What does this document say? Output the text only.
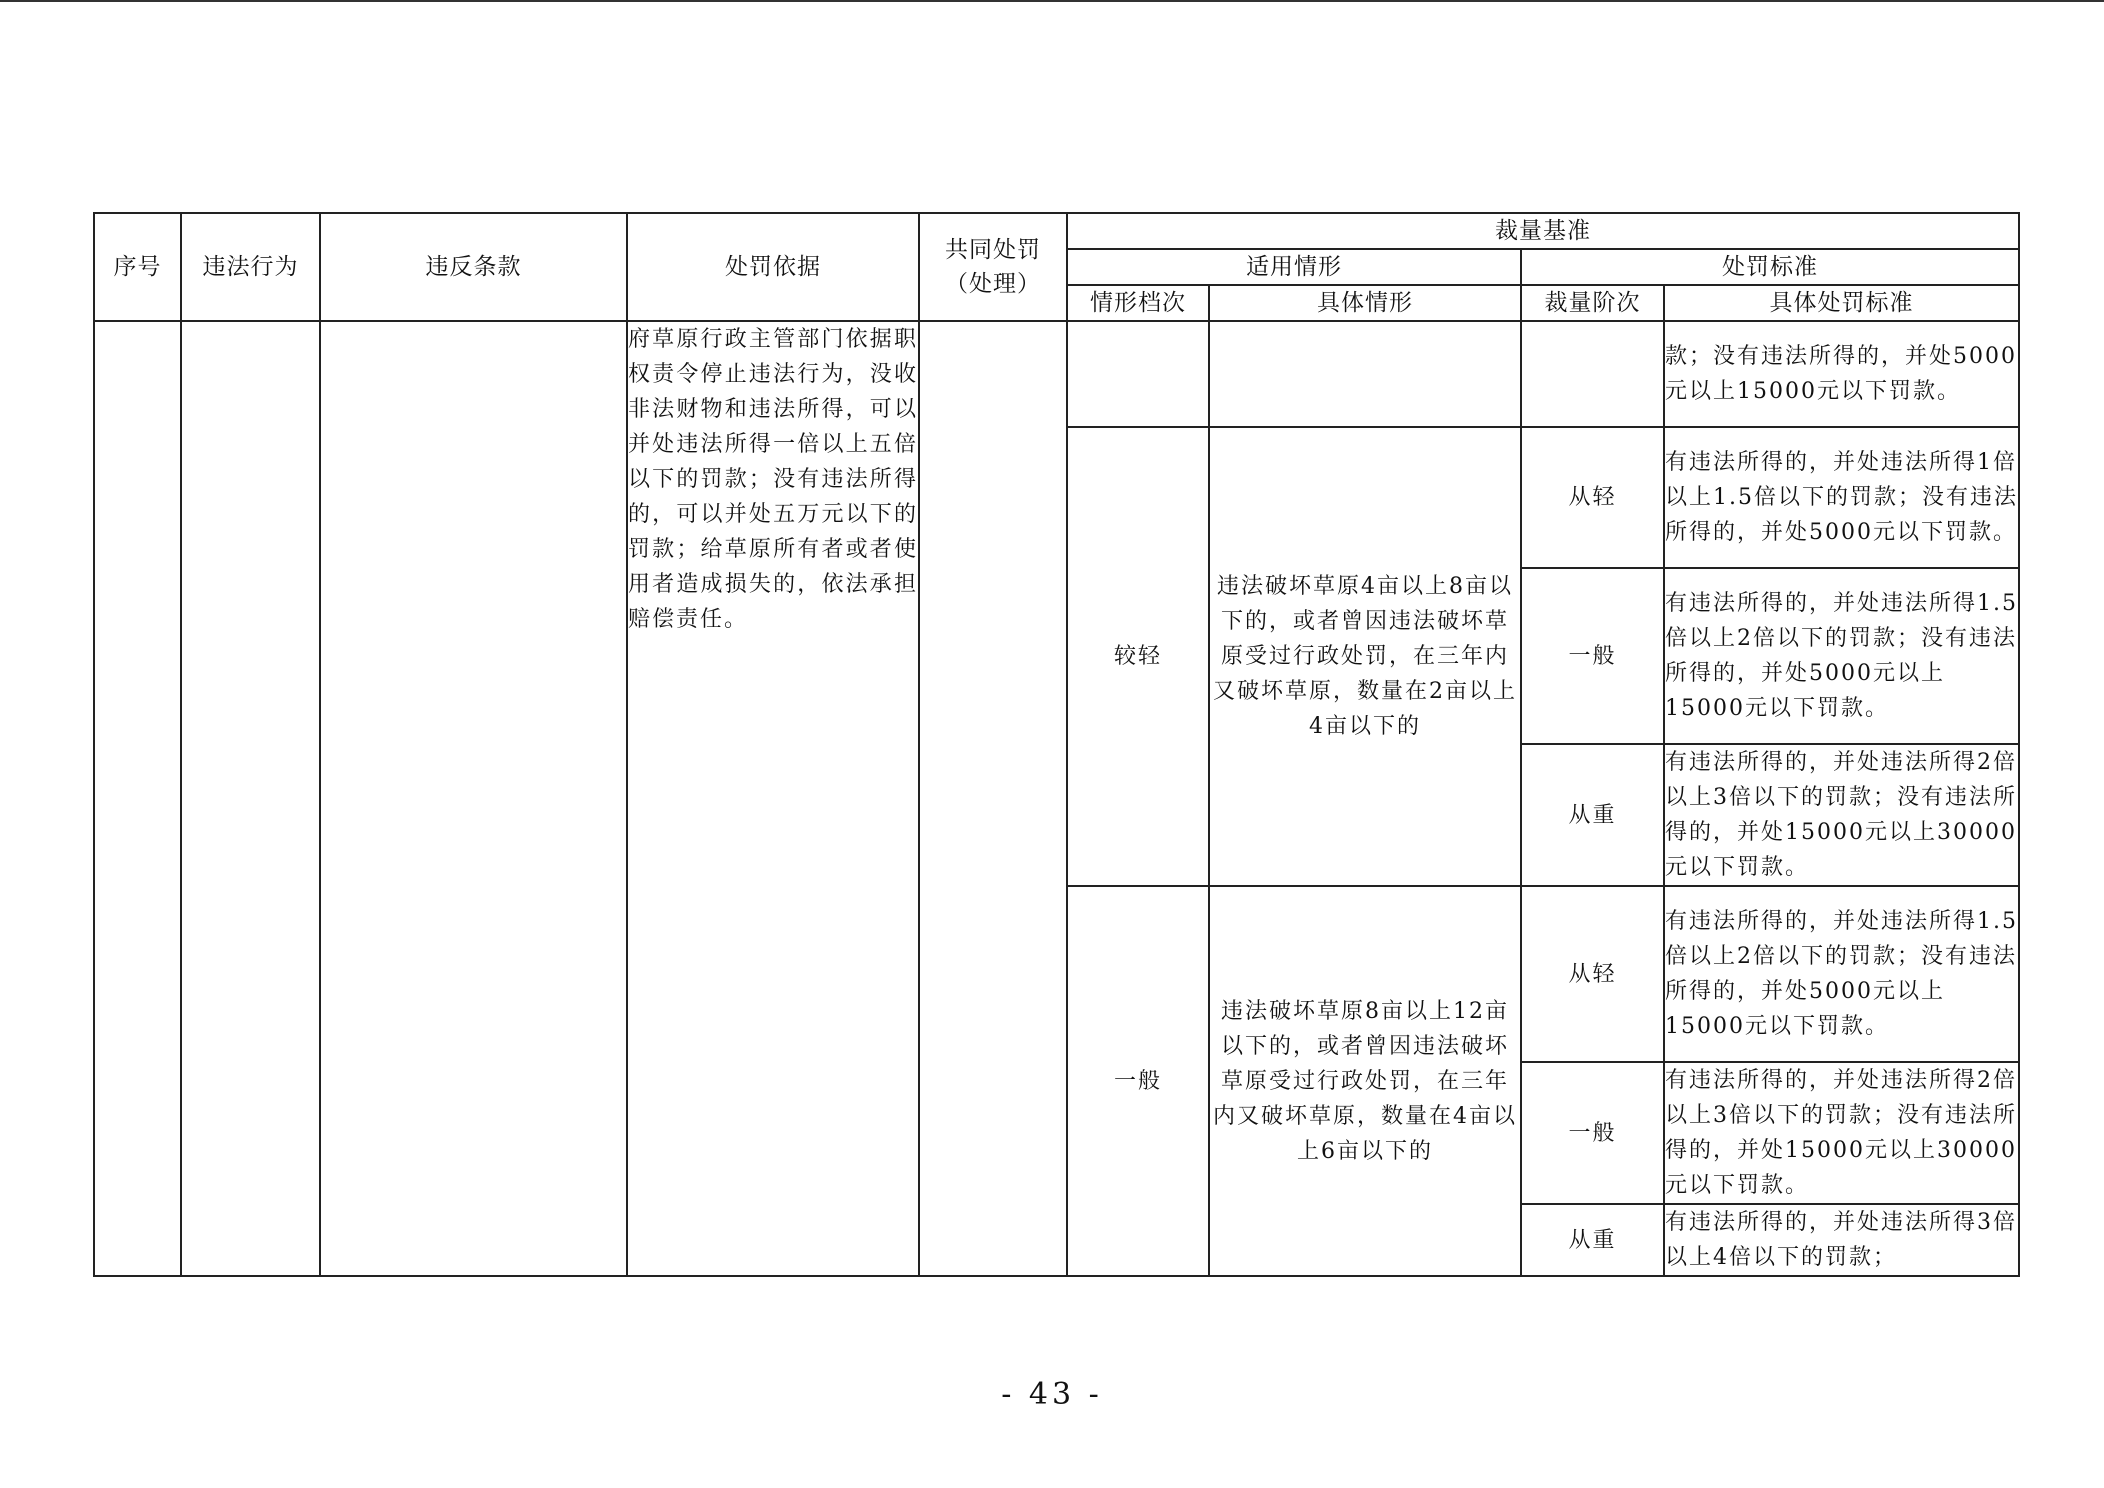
序号	违法行为	违反条款	处罚依据	共同处罚（处理）	裁量基准			
					适用情形		处罚标准	
					情形档次	具体情形	裁量阶次	具体处罚标准
			府草原行政主管部门依据职权责令停止违法行为，没收非法财物和违法所得，可以并处违法所得一倍以上五倍以下的罚款；没有违法所得的，可以并处五万元以下的罚款；给草原所有者或者使用者造成损失的，依法承担赔偿责任。					款；没有违法所得的，并处5000元以上15000元以下罚款。
					较轻	违法破坏草原4亩以上8亩以下的，或者曾因违法破坏草原受过行政处罚，在三年内又破坏草原，数量在2亩以上4亩以下的	从轻	有违法所得的，并处违法所得1倍以上1.5倍以下的罚款；没有违法所得的，并处5000元以下罚款。
							一般	有违法所得的，并处违法所得1.5倍以上2倍以下的罚款；没有违法所得的，并处5000元以上15000元以下罚款。
							从重	有违法所得的，并处违法所得2倍以上3倍以下的罚款；没有违法所得的，并处15000元以上30000元以下罚款。
					一般	违法破坏草原8亩以上12亩以下的，或者曾因违法破坏草原受过行政处罚，在三年内又破坏草原，数量在4亩以上6亩以下的	从轻	有违法所得的，并处违法所得1.5倍以上2倍以下的罚款；没有违法所得的，并处5000元以上15000元以下罚款。
							一般	有违法所得的，并处违法所得2倍以上3倍以下的罚款；没有违法所得的，并处15000元以上30000元以下罚款。
							从重	有违法所得的，并处违法所得3倍以上4倍以下的罚款；
- 43 -
